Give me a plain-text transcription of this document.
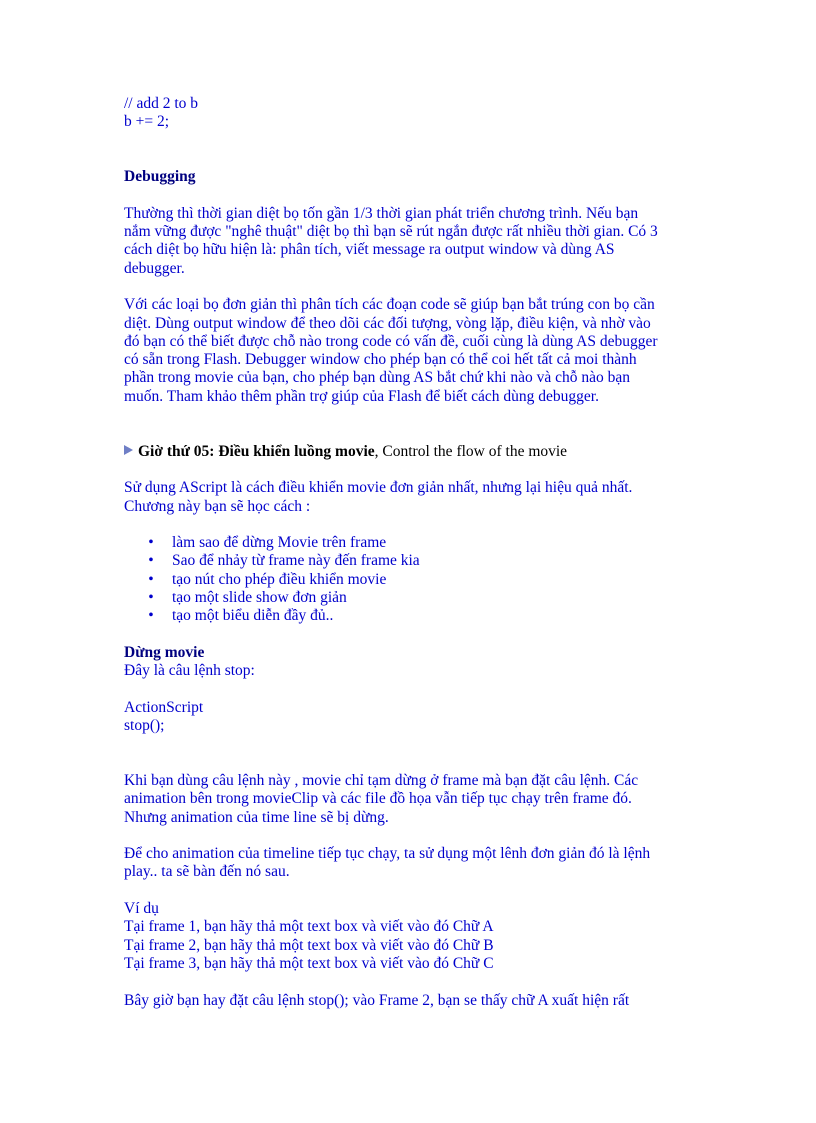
// add 2 to b

b += 2;

Debugging

Thường thì thời gian diệt bọ tốn gần 1/3 thời gian phát triển chương trình. Nếu bạn
nắm vững được "nghê thuật" diệt bọ thì bạn sẽ rút ngắn được rất nhiều thời gian. Có 3
cách diệt bọ hữu hiện là: phân tích, viết message ra output window và dùng AS
debugger.

Với các loại bọ đơn giản thì phân tích các đoạn code sẽ giúp bạn bắt trúng con bọ cần
diệt. Dùng output window để theo dõi các đối tượng, vòng lặp, điều kiện, và nhờ vào
đó bạn có thể biết được chỗ nào trong code có vấn đề, cuối cùng là dùng AS debugger
có sẵn trong Flash. Debugger window cho phép bạn có thể coi hết tất cả moi thành
phần trong movie của bạn, cho phép bạn dùng AS bắt chứ khi nào và chỗ nào bạn
muốn. Tham khảo thêm phần trợ giúp của Flash để biết cách dùng debugger.

Giờ thứ 05: Điều khiển luồng movie, Control the flow of the movie

Sử dụng AScript là cách điều khiển movie đơn giản nhất, nhưng lại hiệu quả nhất.
Chương này bạn sẽ học cách :

• làm sao để dừng Movie trên frame
• Sao để nhảy từ frame này đến frame kia
• tạo nút cho phép điều khiển movie
• tạo một slide show đơn giản
• tạo một biểu diễn đầy đủ..

Dừng movie

Đây là câu lệnh stop:

ActionScript

stop();

Khi bạn dùng câu lệnh này , movie chỉ tạm dừng ở frame mà bạn đặt câu lệnh. Các
animation bên trong movieClip và các file đồ họa vẫn tiếp tục chạy trên frame đó.
Nhưng animation của time line sẽ bị dừng.

Để cho animation của timeline tiếp tục chạy, ta sử dụng một lênh đơn giản đó là lệnh
play.. ta sẽ bàn đến nó sau.

Ví dụ

Tại frame 1, bạn hãy thả một text box và viết vào đó Chữ A
Tại frame 2, bạn hãy thả một text box và viết vào đó Chữ B
Tại frame 3, bạn hãy thả một text box và viết vào đó Chữ C

Bây giờ bạn hay đặt câu lệnh stop(); vào Frame 2, bạn se thấy chữ A xuất hiện rất
